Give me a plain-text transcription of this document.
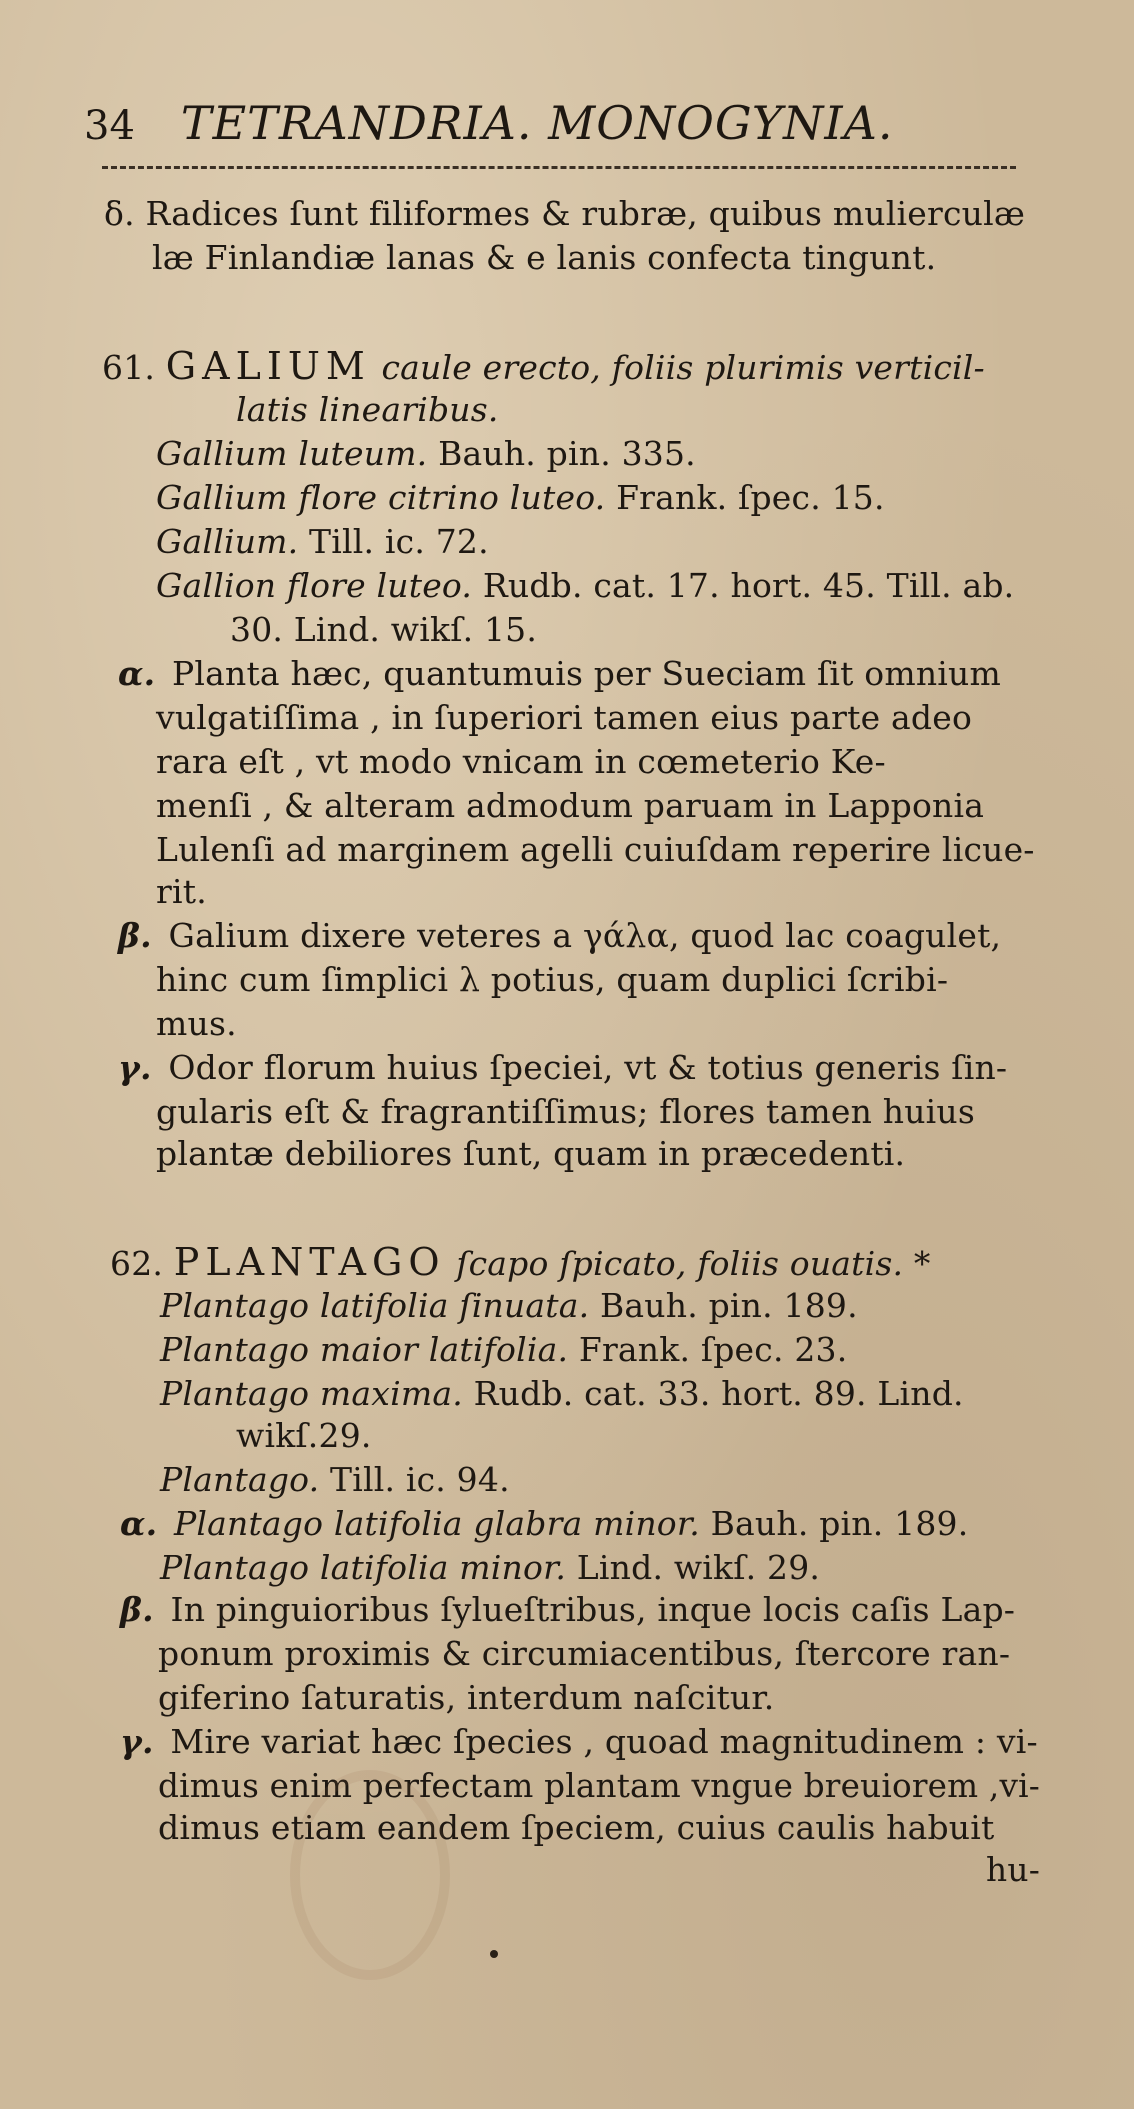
34 TETRANDRIA. MONOGYNIA.
δ. Radices ſunt filiformes & rubræ, quibus mulierculæ
læ Finlandiæ lanas & e lanis confecta tingunt.
61. GALIUM caule erecto, foliis plurimis verticil-
latis linearibus.
Gallium luteum. Bauh. pin. 335.
Gallium flore citrino luteo. Frank. ſpec. 15.
Gallium. Till. ic. 72.
Gallion flore luteo. Rudb. cat. 17. hort. 45. Till. ab.
30. Lind. wikſ. 15.
α. Planta hæc, quantumuis per Sueciam ſit omnium
vulgatiſſima , in ſuperiori tamen eius parte adeo
rara eſt , vt modo vnicam in cœmeterio Ke-
menſi , & alteram admodum paruam in Lapponia
Lulenſi ad marginem agelli cuiuſdam reperire licue-
rit.
β. Galium dixere veteres a γάλα, quod lac coagulet,
hinc cum ſimplici λ potius, quam duplici ſcribi-
mus.
γ. Odor florum huius ſpeciei, vt & totius generis ſin-
gularis eſt & fragrantiſſimus; flores tamen huius
plantæ debiliores ſunt, quam in præcedenti.
62. PLANTAGO ſcapo ſpicato, foliis ouatis. *
Plantago latifolia ſinuata. Bauh. pin. 189.
Plantago maior latifolia. Frank. ſpec. 23.
Plantago maxima. Rudb. cat. 33. hort. 89. Lind.
wikſ.29.
Plantago. Till. ic. 94.
α. Plantago latifolia glabra minor. Bauh. pin. 189.
Plantago latifolia minor. Lind. wikſ. 29.
β. In pinguioribus ſylueſtribus, inque locis caſis Lap-
ponum proximis & circumiacentibus, ſtercore ran-
giferino ſaturatis, interdum naſcitur.
γ. Mire variat hæc ſpecies , quoad magnitudinem : vi-
dimus enim perfectam plantam vngue breuiorem ,vi-
dimus etiam eandem ſpeciem, cuius caulis habuit
hu-
